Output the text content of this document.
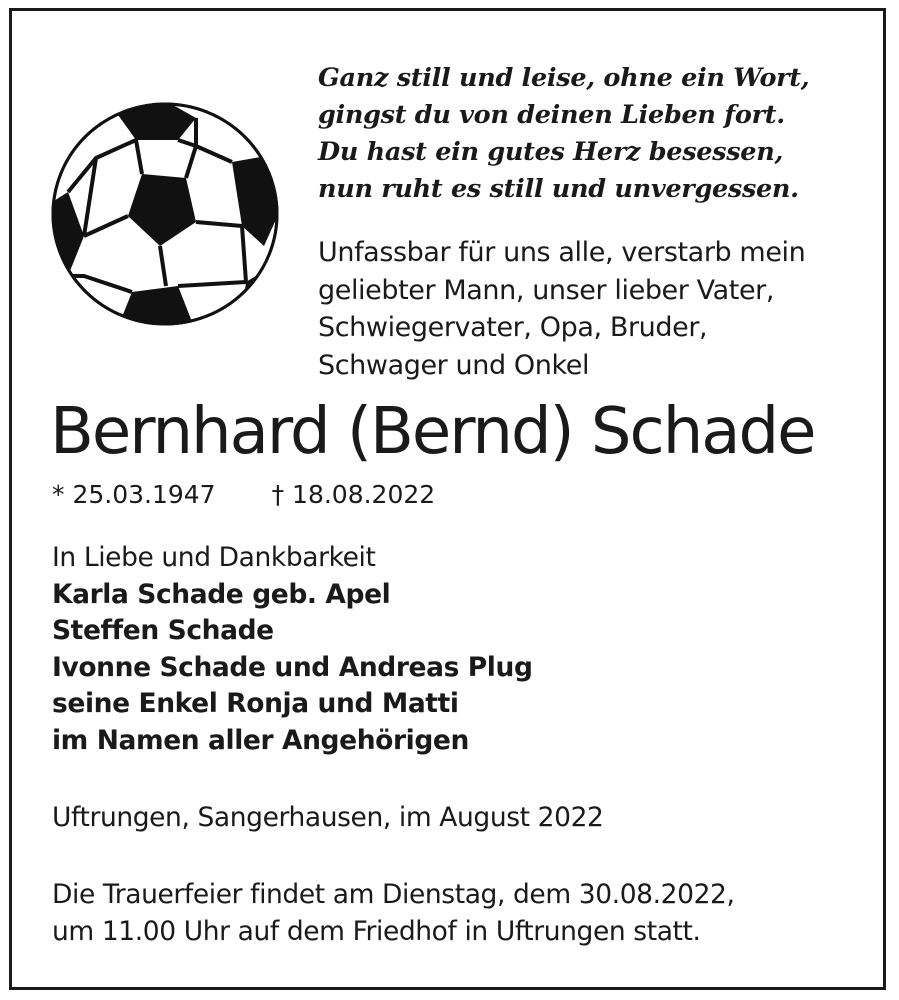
Ganz still und leise, ohne ein Wort,
gingst du von deinen Lieben fort.
Du hast ein gutes Herz besessen,
nun ruht es still und unvergessen.
Unfassbar für uns alle, verstarb mein
geliebter Mann, unser lieber Vater,
Schwiegervater, Opa, Bruder,
Schwager und Onkel
Bernhard (Bernd) Schade
* 25.03.1947 † 18.08.2022
In Liebe und Dankbarkeit
Karla Schade geb. Apel
Steffen Schade
Ivonne Schade und Andreas Plug
seine Enkel Ronja und Matti
im Namen aller Angehörigen
Uftrungen, Sangerhausen, im August 2022
Die Trauerfeier findet am Dienstag, dem 30.08.2022,
um 11.00 Uhr auf dem Friedhof in Uftrungen statt.
